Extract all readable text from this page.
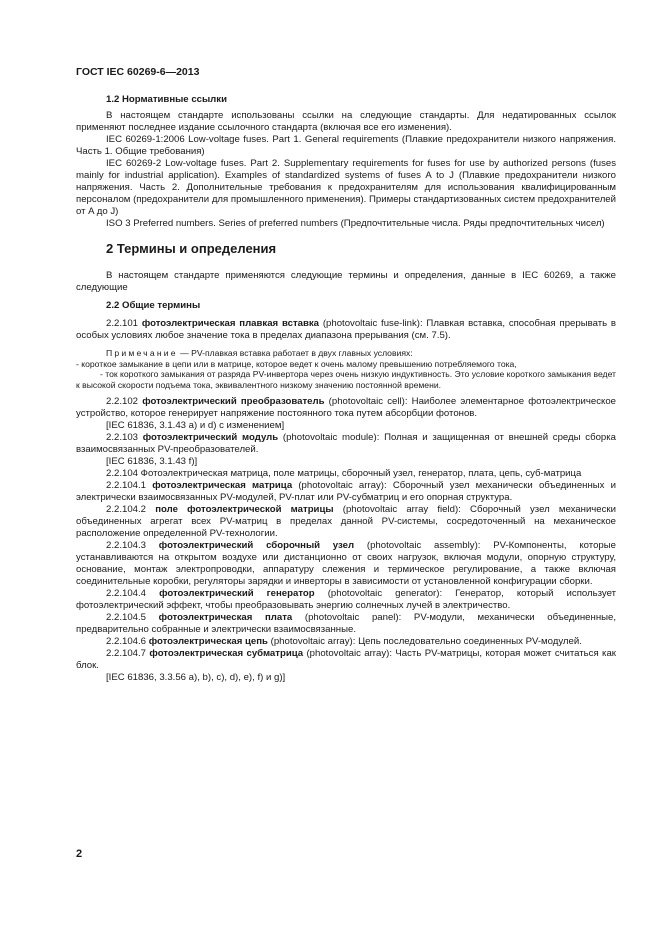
ГОСТ IEC 60269-6—2013

1.2 Нормативные ссылки

В настоящем стандарте использованы ссылки на следующие стандарты. Для недатированных ссылок применяют последнее издание ссылочного стандарта (включая все его изменения).

IEC 60269-1:2006 Low-voltage fuses. Part 1. General requirements (Плавкие предохранители низкого напряжения. Часть 1. Общие требования)

IEC 60269-2 Low-voltage fuses. Part 2. Supplementary requirements for fuses for use by authorized persons (fuses mainly for industrial application). Examples of standardized systems of fuses A to J (Плавкие предохранители низкого напряжения. Часть 2. Дополнительные требования к предохранителям для использования квалифицированным персоналом (предохранители для промышленного применения). Примеры стандартизованных систем предохранителей от A до J)

ISO 3 Preferred numbers. Series of preferred numbers (Предпочтительные числа. Ряды предпочтительных чисел)

2 Термины и определения

В настоящем стандарте применяются следующие термины и определения, данные в IEC 60269, а также следующие

2.2 Общие термины

2.2.101 фотоэлектрическая плавкая вставка (photovoltaic fuse-link): Плавкая вставка, способная прерывать в особых условиях любое значение тока в пределах диапазона прерывания (см. 7.5).

Примечание — PV-плавкая вставка работает в двух главных условиях:

- короткое замыкание в цепи или в матрице, которое ведет к очень малому превышению потребляемого тока,

- ток короткого замыкания от разряда PV-инвертора через очень низкую индуктивность. Это условие короткого замыкания ведет к высокой скорости подъема тока, эквивалентного низкому значению постоянной времени.

2.2.102 фотоэлектрический преобразователь (photovoltaic cell): Наиболее элементарное фотоэлектрическое устройство, которое генерирует напряжение постоянного тока путем абсорбции фотонов.

[IEC 61836, 3.1.43 a) и d) с изменением]

2.2.103 фотоэлектрический модуль (photovoltaic module): Полная и защищенная от внешней среды сборка взаимосвязанных PV-преобразователей.

[IEC 61836, 3.1.43 f)]

2.2.104 Фотоэлектрическая матрица, поле матрицы, сборочный узел, генератор, плата, цепь, суб-матрица

2.2.104.1 фотоэлектрическая матрица (photovoltaic array): Сборочный узел механически объединенных и электрически взаимосвязанных PV-модулей, PV-плат или PV-субматриц и его опорная структура.

2.2.104.2 поле фотоэлектрической матрицы (photovoltaic array field): Сборочный узел механически объединенных агрегат всех PV-матриц в пределах данной PV-системы, сосредоточенный на механическое расположение определенной PV-технологии.

2.2.104.3 фотоэлектрический сборочный узел (photovoltaic assembly): PV-Компоненты, которые устанавливаются на открытом воздухе или дистанционно от своих нагрузок, включая модули, опорную структуру, основание, монтаж электропроводки, аппаратуру слежения и термическое регулирование, а также включая соединительные коробки, регуляторы зарядки и инверторы в зависимости от установленной конфигурации сборки.

2.2.104.4 фотоэлектрический генератор (photovoltaic generator): Генератор, который использует фотоэлектрический эффект, чтобы преобразовывать энергию солнечных лучей в электричество.

2.2.104.5 фотоэлектрическая плата (photovoltaic panel): PV-модули, механически объединенные, предварительно собранные и электрически взаимосвязанные.

2.2.104.6 фотоэлектрическая цепь (photovoltaic array): Цепь последовательно соединенных PV-модулей.

2.2.104.7 фотоэлектрическая субматрица (photovoltaic array): Часть PV-матрицы, которая может считаться как блок.

[IEC 61836, 3.3.56 a), b), c), d), e), f) и g)]

2
